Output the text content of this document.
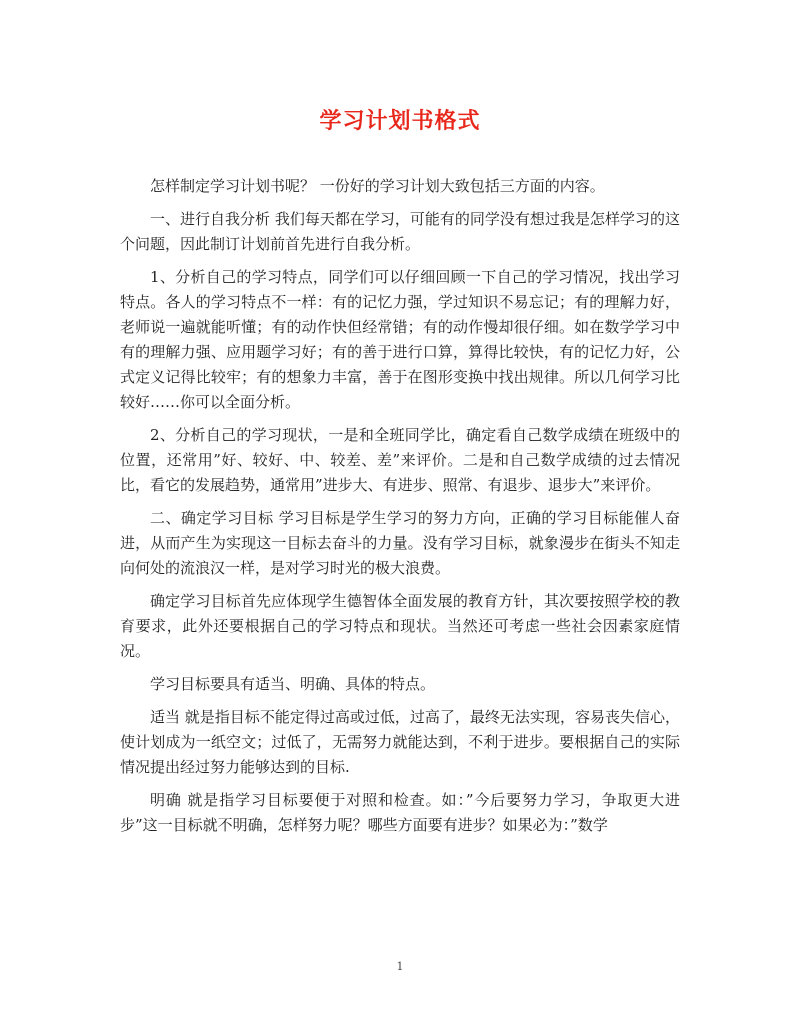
学习计划书格式

怎样制定学习计划书呢？ 一份好的学习计划大致包括三方面的内容。

一、进行自我分析 我们每天都在学习，可能有的同学没有想过我是怎样学习的这个问题，因此制订计划前首先进行自我分析。

1、分析自己的学习特点，同学们可以仔细回顾一下自己的学习情况，找出学习特点。各人的学习特点不一样：有的记忆力强，学过知识不易忘记；有的理解力好，老师说一遍就能听懂；有的动作快但经常错；有的动作慢却很仔细。如在数学学习中有的理解力强、应用题学习好；有的善于进行口算，算得比较快，有的记忆力好，公式定义记得比较牢；有的想象力丰富，善于在图形变换中找出规律。所以几何学习比较好……你可以全面分析。

2、分析自己的学习现状，一是和全班同学比，确定看自己数学成绩在班级中的位置，还常用”好、较好、中、较差、差”来评价。二是和自己数学成绩的过去情况比，看它的发展趋势，通常用”进步大、有进步、照常、有退步、退步大”来评价。

二、确定学习目标 学习目标是学生学习的努力方向，正确的学习目标能催人奋进，从而产生为实现这一目标去奋斗的力量。没有学习目标，就象漫步在街头不知走向何处的流浪汉一样，是对学习时光的极大浪费。

确定学习目标首先应体现学生德智体全面发展的教育方针，其次要按照学校的教育要求，此外还要根据自己的学习特点和现状。当然还可考虑一些社会因素家庭情况。

学习目标要具有适当、明确、具体的特点。

适当 就是指目标不能定得过高或过低，过高了，最终无法实现，容易丧失信心，使计划成为一纸空文；过低了，无需努力就能达到，不利于进步。要根据自己的实际情况提出经过努力能够达到的目标.

明确 就是指学习目标要便于对照和检查。如：”今后要努力学习，争取更大进步”这一目标就不明确，怎样努力呢？哪些方面要有进步？如果必为：”数学

1
